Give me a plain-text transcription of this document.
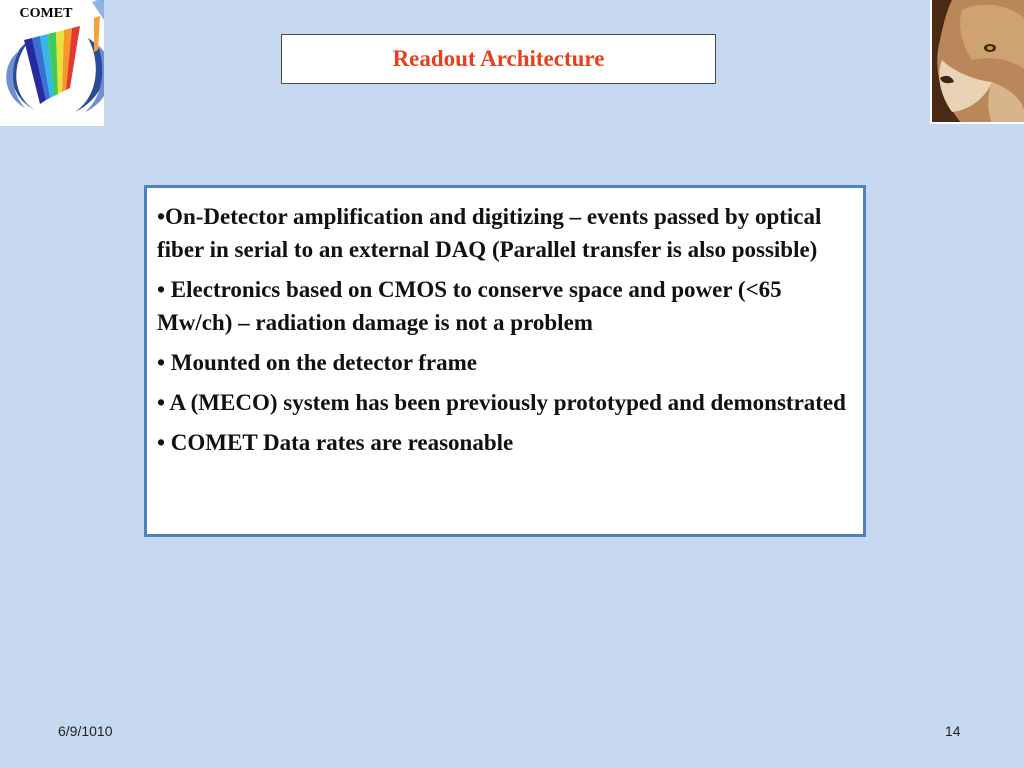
COMET
Readout Architecture

•On-Detector amplification and digitizing – events passed by optical fiber in serial to an external DAQ (Parallel transfer is also possible)

• Electronics based on CMOS to conserve space and power (<65 Mw/ch) – radiation damage is not a problem

• Mounted on the detector frame

• A (MECO) system has been previously prototyped and demonstrated

• COMET Data rates are reasonable

6/9/1010	14
